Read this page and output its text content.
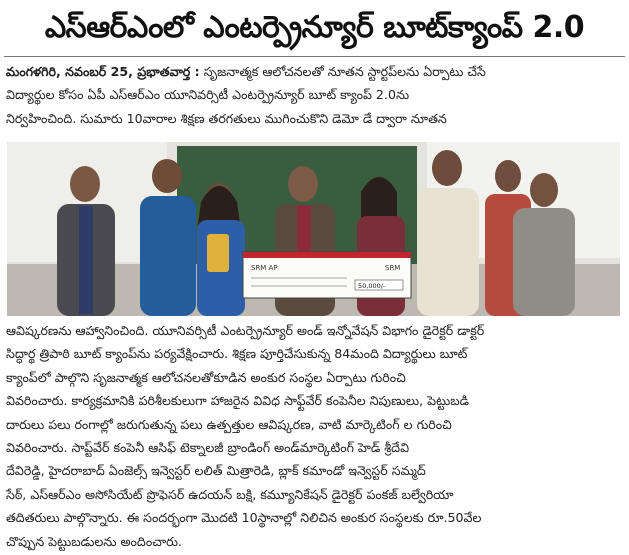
ఎస్ఆర్ఎంలో ఎంటర్ప్రెన్యూర్ బూట్‌క్యాంప్ 2.0
మంగళగిరి, నవంబర్ 25, ప్రభాతవార్త : సృజనాత్మక ఆలోచనలతో నూతన స్టార్టప్‌లను ఏర్పాటు చేసే
విద్యార్థుల కోసం ఏపీ ఎస్ఆర్ఎం యూనివర్సిటీ ఎంటర్ప్రెన్యూర్ బూట్ క్యాంప్ 2.0ను
నిర్వహించింది. సుమారు 10వారాల శిక్షణ తరగతులు ముగించుకొని డెమో డే ద్వారా నూతన
SRM AP	SRM
50,000/-
ఆవిష్కరణను ఆహ్వానించింది. యూనివర్సిటీ ఎంటర్ప్రెన్యూర్ అండ్ ఇన్నోవేషన్ విభాగం డైరెక్టర్ డాక్టర్
సిద్ధార్థ త్రిపాఠి బూట్ క్యాంప్‌ను పర్యవేక్షించారు. శిక్షణ పూర్తిచేసుకున్న 84మంది విద్యార్థులు బూట్
క్యాంప్‌లో పాల్గొని సృజనాత్మక ఆలోచనలతోకూడిన అంకుర సంస్థల ఏర్పాటు గురించి
వివరించారు. కార్యక్రమానికి పరిశీలకులుగా హాజరైన వివిధ సాఫ్ట్‌వేర్ కంపెనీల నిపుణులు, పెట్టుబడి
దారులు పలు రంగాల్లో జరుగుతున్న పలు ఉత్పత్తుల ఆవిష్కరణ, వాటి మార్కెటింగ్ ల గురించి
వివరించారు. సాప్ట్‌వేర్ కంపెనీ ఆసిఫ్ టెక్నాలజీ బ్రాండింగ్ అండ్‌మార్కెటింగ్ హెడ్ శ్రీదేవి
దేవిరెడ్డి, హైదరాబాద్ ఏంజెల్స్ ఇన్వెస్టర్ లలిత్ మిత్రారెడి, బ్లాక్ కమాండో ఇన్వెస్టర్ సమ్మద్
సేఠ్, ఎస్ఆర్ఎం అసోసియేట్ ప్రొఫెసర్ ఉదయన్ బక్షి, కమ్యూనికేషన్ డైరెక్టర్ పంకజ్ బల్వేరియా
తదితరులు పాల్గొన్నారు. ఈ సందర్భంగా మొదటి 10స్థానాల్లో నిలిచిన అంకుర సంస్థలకు రూ.50వేల
చొప్పున పెట్టుబడులను అందించారు.
